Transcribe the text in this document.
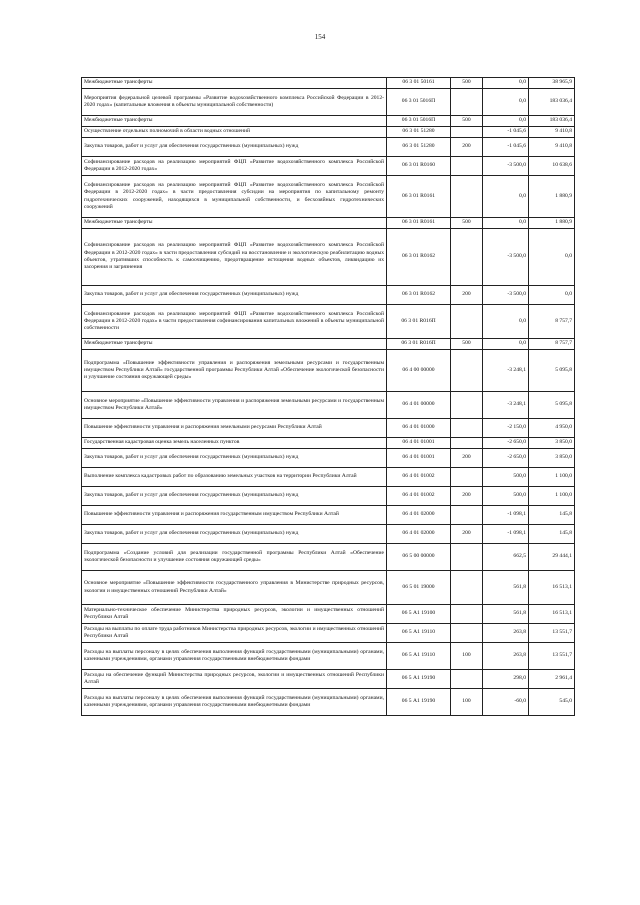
154
Межбюджетные трансферты	06 3 01 50161	500	0,0	38 965,9
Мероприятия федеральной целевой программы «Развитие водохозяйственного комплекса Российской Федерации в 2012-2020 годах» (капитальные вложения в объекты муниципальной собственности)	06 3 01 5016П		0,0	183 036,4
Межбюджетные трансферты	06 3 01 5016П	500	0,0	183 036,4
Осуществление отдельных полномочий в области водных отношений	06 3 01 51280		-1 045,6	9 410,8
Закупка товаров, работ и услуг для обеспечения государственных (муниципальных) нужд	06 3 01 51280	200	-1 045,6	9 410,8
Софинансирование расходов на реализацию мероприятий ФЦП «Развитие водохозяйственного комплекса Российской Федерации в 2012-2020 годах»	06 3 01 R0160		-3 500,0	10 638,6
Софинансирование расходов на реализацию мероприятий ФЦП «Развитие водохозяйственного комплекса Российской Федерации в 2012-2020 годах» в части предоставления субсидии на мероприятия по капитальному ремонту гидротехнических сооружений, находящихся в муниципальной собственности, и бесхозяйных гидротехнических сооружений	06 3 01 R0161		0,0	1 880,9
Межбюджетные трансферты	06 3 01 R0161	500	0,0	1 880,9
Софинансирование расходов на реализацию мероприятий ФЦП «Развитие водохозяйственного комплекса Российской Федерации в 2012-2020 годах» в части предоставления субсидий на восстановление и экологическую реабилитацию водных объектов, утративших способность к самоочищению, предотвращение истощения водных объектов, ликвидацию их засорения и загрязнения	06 3 01 R0162		-3 500,0	0,0
Закупка товаров, работ и услуг для обеспечения государственных (муниципальных) нужд	06 3 01 R0162	200	-3 500,0	0,0
Софинансирование расходов на реализацию мероприятий ФЦП «Развитие водохозяйственного комплекса Российской Федерации в 2012-2020 годах» в части предоставления софинансирования капитальных вложений в объекты муниципальной собственности	06 3 01 R016П		0,0	8 757,7
Межбюджетные трансферты	06 3 01 R016П	500	0,0	8 757,7
Подпрограмма «Повышение эффективности управления и распоряжения земельными ресурсами и государственным имуществом Республики Алтай» государственной программы Республики Алтай «Обеспечение экологической безопасности и улучшение состояния окружающей среды»	06 4 00 00000		-3 248,1	5 095,8
Основное мероприятие «Повышение эффективности управления и распоряжения земельными ресурсами и государственным имуществом Республики Алтай»	06 4 01 00000		-3 248,1	5 095,8
Повышение эффективности управления и распоряжения земельными ресурсами Республики Алтай	06 4 01 01000		-2 150,0	4 950,0
Государственная кадастровая оценка земель населенных пунктов	06 4 01 01001		-2 650,0	3 850,0
Закупка товаров, работ и услуг для обеспечения государственных (муниципальных) нужд	06 4 01 01001	200	-2 650,0	3 850,0
Выполнение комплекса кадастровых работ по образованию земельных участков на территории Республики Алтай	06 4 01 01002		500,0	1 100,0
Закупка товаров, работ и услуг для обеспечения государственных (муниципальных) нужд	06 4 01 01002	200	500,0	1 100,0
Повышение эффективности управления и распоряжения государственным имуществом Республики Алтай	06 4 01 02000		-1 098,1	145,8
Закупка товаров, работ и услуг для обеспечения государственных (муниципальных) нужд	06 4 01 02000	200	-1 098,1	145,8
Подпрограмма «Создание условий для реализации государственной программы Республики Алтай «Обеспечение экологической безопасности и улучшение состояния окружающей среды»	06 5 00 00000		662,5	29 444,1
Основное мероприятие «Повышение эффективности государственного управления в Министерстве природных ресурсов, экологии и имущественных отношений Республики Алтай»	06 5 01 19000		561,8	16 513,1
Материально-техническое обеспечение Министерства природных ресурсов, экологии и имущественных отношений Республики Алтай	06 5 А1 19100		561,8	16 513,1
Расходы на выплаты по оплате труда работников Министерства природных ресурсов, экологии и имущественных отношений Республики Алтай	06 5 А1 19110		263,8	13 551,7
Расходы на выплаты персоналу в целях обеспечения выполнения функций государственными (муниципальными) органами, казенными учреждениями, органами управления государственными внебюджетными фондами	06 5 А1 19110	100	263,8	13 551,7
Расходы на обеспечение функций Министерства природных ресурсов, экологии и имущественных отношений Республики Алтай	06 5 А1 19190		298,0	2 961,4
Расходы на выплаты персоналу в целях обеспечения выполнения функций государственными (муниципальными) органами, казенными учреждениями, органами управления государственными внебюджетными фондами	06 5 А1 19190	100	-60,0	545,0
